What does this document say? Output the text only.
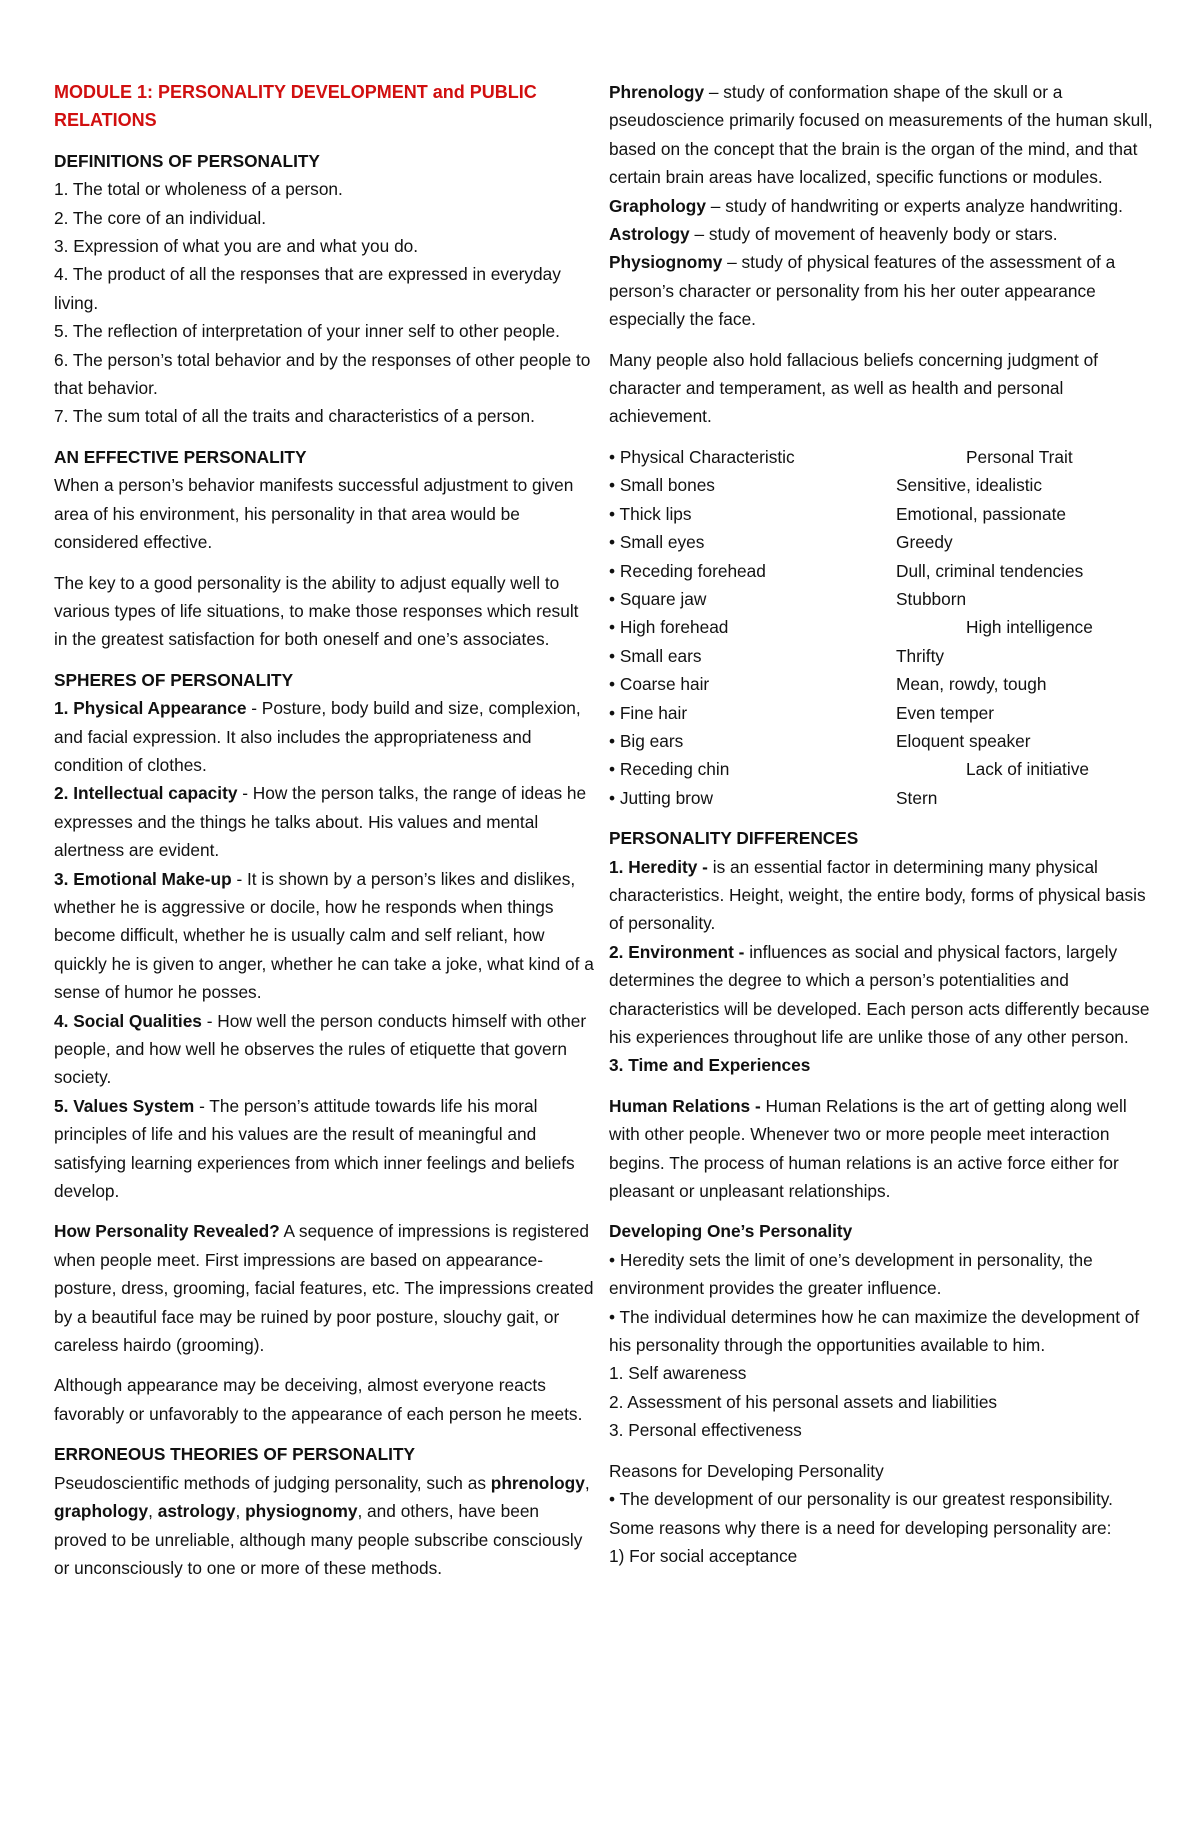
MODULE 1: PERSONALITY DEVELOPMENT and PUBLIC RELATIONS

DEFINITIONS OF PERSONALITY

1. The total or wholeness of a person.

2. The core of an individual.

3. Expression of what you are and what you do.

4. The product of all the responses that are expressed in everyday living.

5. The reflection of interpretation of your inner self to other people.

6. The person’s total behavior and by the responses of other people to that behavior.

7. The sum total of all the traits and characteristics of a person.

AN EFFECTIVE PERSONALITY

When a person’s behavior manifests successful adjustment to given area of his environment, his personality in that area would be considered effective.

The key to a good personality is the ability to adjust equally well to various types of life situations, to make those responses which result in the greatest satisfaction for both oneself and one’s associates.

SPHERES OF PERSONALITY

1. Physical Appearance - Posture, body build and size, complexion, and facial expression. It also includes the appropriateness and condition of clothes.

2. Intellectual capacity - How the person talks, the range of ideas he expresses and the things he talks about. His values and mental alertness are evident.

3. Emotional Make-up - It is shown by a person’s likes and dislikes, whether he is aggressive or docile, how he responds when things become difficult, whether he is usually calm and self reliant, how quickly he is given to anger, whether he can take a joke, what kind of a sense of humor he posses.

4. Social Qualities - How well the person conducts himself with other people, and how well he observes the rules of etiquette that govern society.

5. Values System - The person’s attitude towards life his moral principles of life and his values are the result of meaningful and satisfying learning experiences from which inner feelings and beliefs develop.

How Personality Revealed? A sequence of impressions is registered when people meet. First impressions are based on appearance-posture, dress, grooming, facial features, etc. The impressions created by a beautiful face may be ruined by poor posture, slouchy gait, or careless hairdo (grooming).

Although appearance may be deceiving, almost everyone reacts favorably or unfavorably to the appearance of each person he meets.

ERRONEOUS THEORIES OF PERSONALITY

Pseudoscientific methods of judging personality, such as phrenology, graphology, astrology, physiognomy, and others, have been proved to be unreliable, although many people subscribe consciously or unconsciously to one or more of these methods.

Phrenology – study of conformation shape of the skull or a pseudoscience primarily focused on measurements of the human skull, based on the concept that the brain is the organ of the mind, and that certain brain areas have localized, specific functions or modules.

Graphology – study of handwriting or experts analyze handwriting.

Astrology – study of movement of heavenly body or stars.

Physiognomy – study of physical features of the assessment of a person’s character or personality from his her outer appearance especially the face.

Many people also hold fallacious beliefs concerning judgment of character and temperament, as well as health and personal achievement.

• Physical Characteristic	Personal Trait
• Small bones	Sensitive, idealistic
• Thick lips	Emotional, passionate
• Small eyes	Greedy
• Receding forehead	Dull, criminal tendencies
• Square jaw	Stubborn
• High forehead	High intelligence
• Small ears	Thrifty
• Coarse hair	Mean, rowdy, tough
• Fine hair	Even temper
• Big ears	Eloquent speaker
• Receding chin	Lack of initiative
• Jutting brow	Stern

PERSONALITY DIFFERENCES

1. Heredity - is an essential factor in determining many physical characteristics. Height, weight, the entire body, forms of physical basis of personality.

2. Environment - influences as social and physical factors, largely determines the degree to which a person’s potentialities and characteristics will be developed. Each person acts differently because his experiences throughout life are unlike those of any other person.

3. Time and Experiences

Human Relations - Human Relations is the art of getting along well with other people. Whenever two or more people meet interaction begins. The process of human relations is an active force either for pleasant or unpleasant relationships.

Developing One’s Personality

• Heredity sets the limit of one’s development in personality, the environment provides the greater influence.

• The individual determines how he can maximize the development of his personality through the opportunities available to him.

1. Self awareness

2. Assessment of his personal assets and liabilities

3. Personal effectiveness

Reasons for Developing Personality

• The development of our personality is our greatest responsibility. Some reasons why there is a need for developing personality are:

1) For social acceptance
